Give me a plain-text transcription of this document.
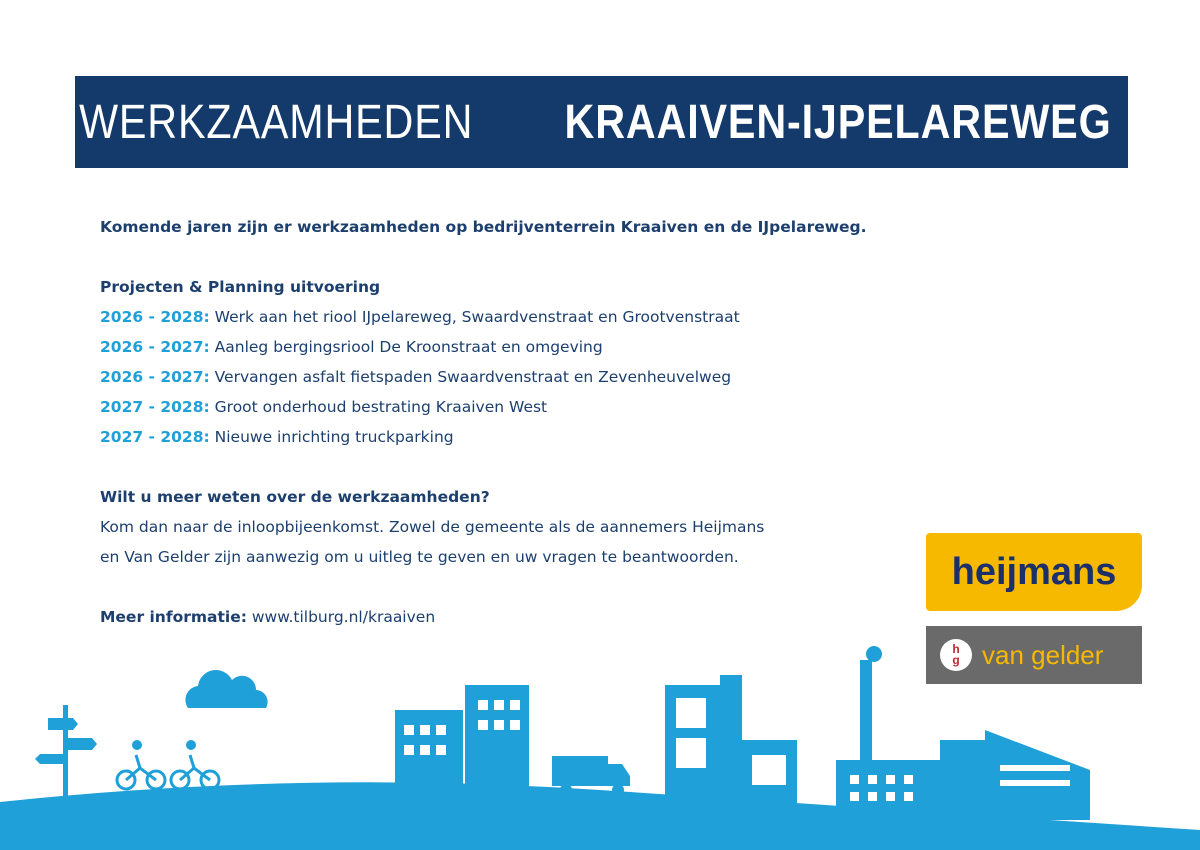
WERKZAAMHEDEN KRAAIVEN-IJPELAREWEG

Komende jaren zijn er werkzaamheden op bedrijventerrein Kraaiven en de IJpelareweg.

Projecten & Planning uitvoering

2026 - 2028: Werk aan het riool IJpelareweg, Swaardvenstraat en Grootvenstraat

2026 - 2027: Aanleg bergingsriool De Kroonstraat en omgeving

2026 - 2027: Vervangen asfalt fietspaden Swaardvenstraat en Zevenheuvelweg

2027 - 2028: Groot onderhoud bestrating Kraaiven West

2027 - 2028: Nieuwe inrichting truckparking

Wilt u meer weten over de werkzaamheden?

Kom dan naar de inloopbijeenkomst. Zowel de gemeente als de aannemers Heijmans

en Van Gelder zijn aanwezig om u uitleg te geven en uw vragen te beantwoorden.

Meer informatie: www.tilburg.nl/kraaiven

heijmans
h
g van gelder
